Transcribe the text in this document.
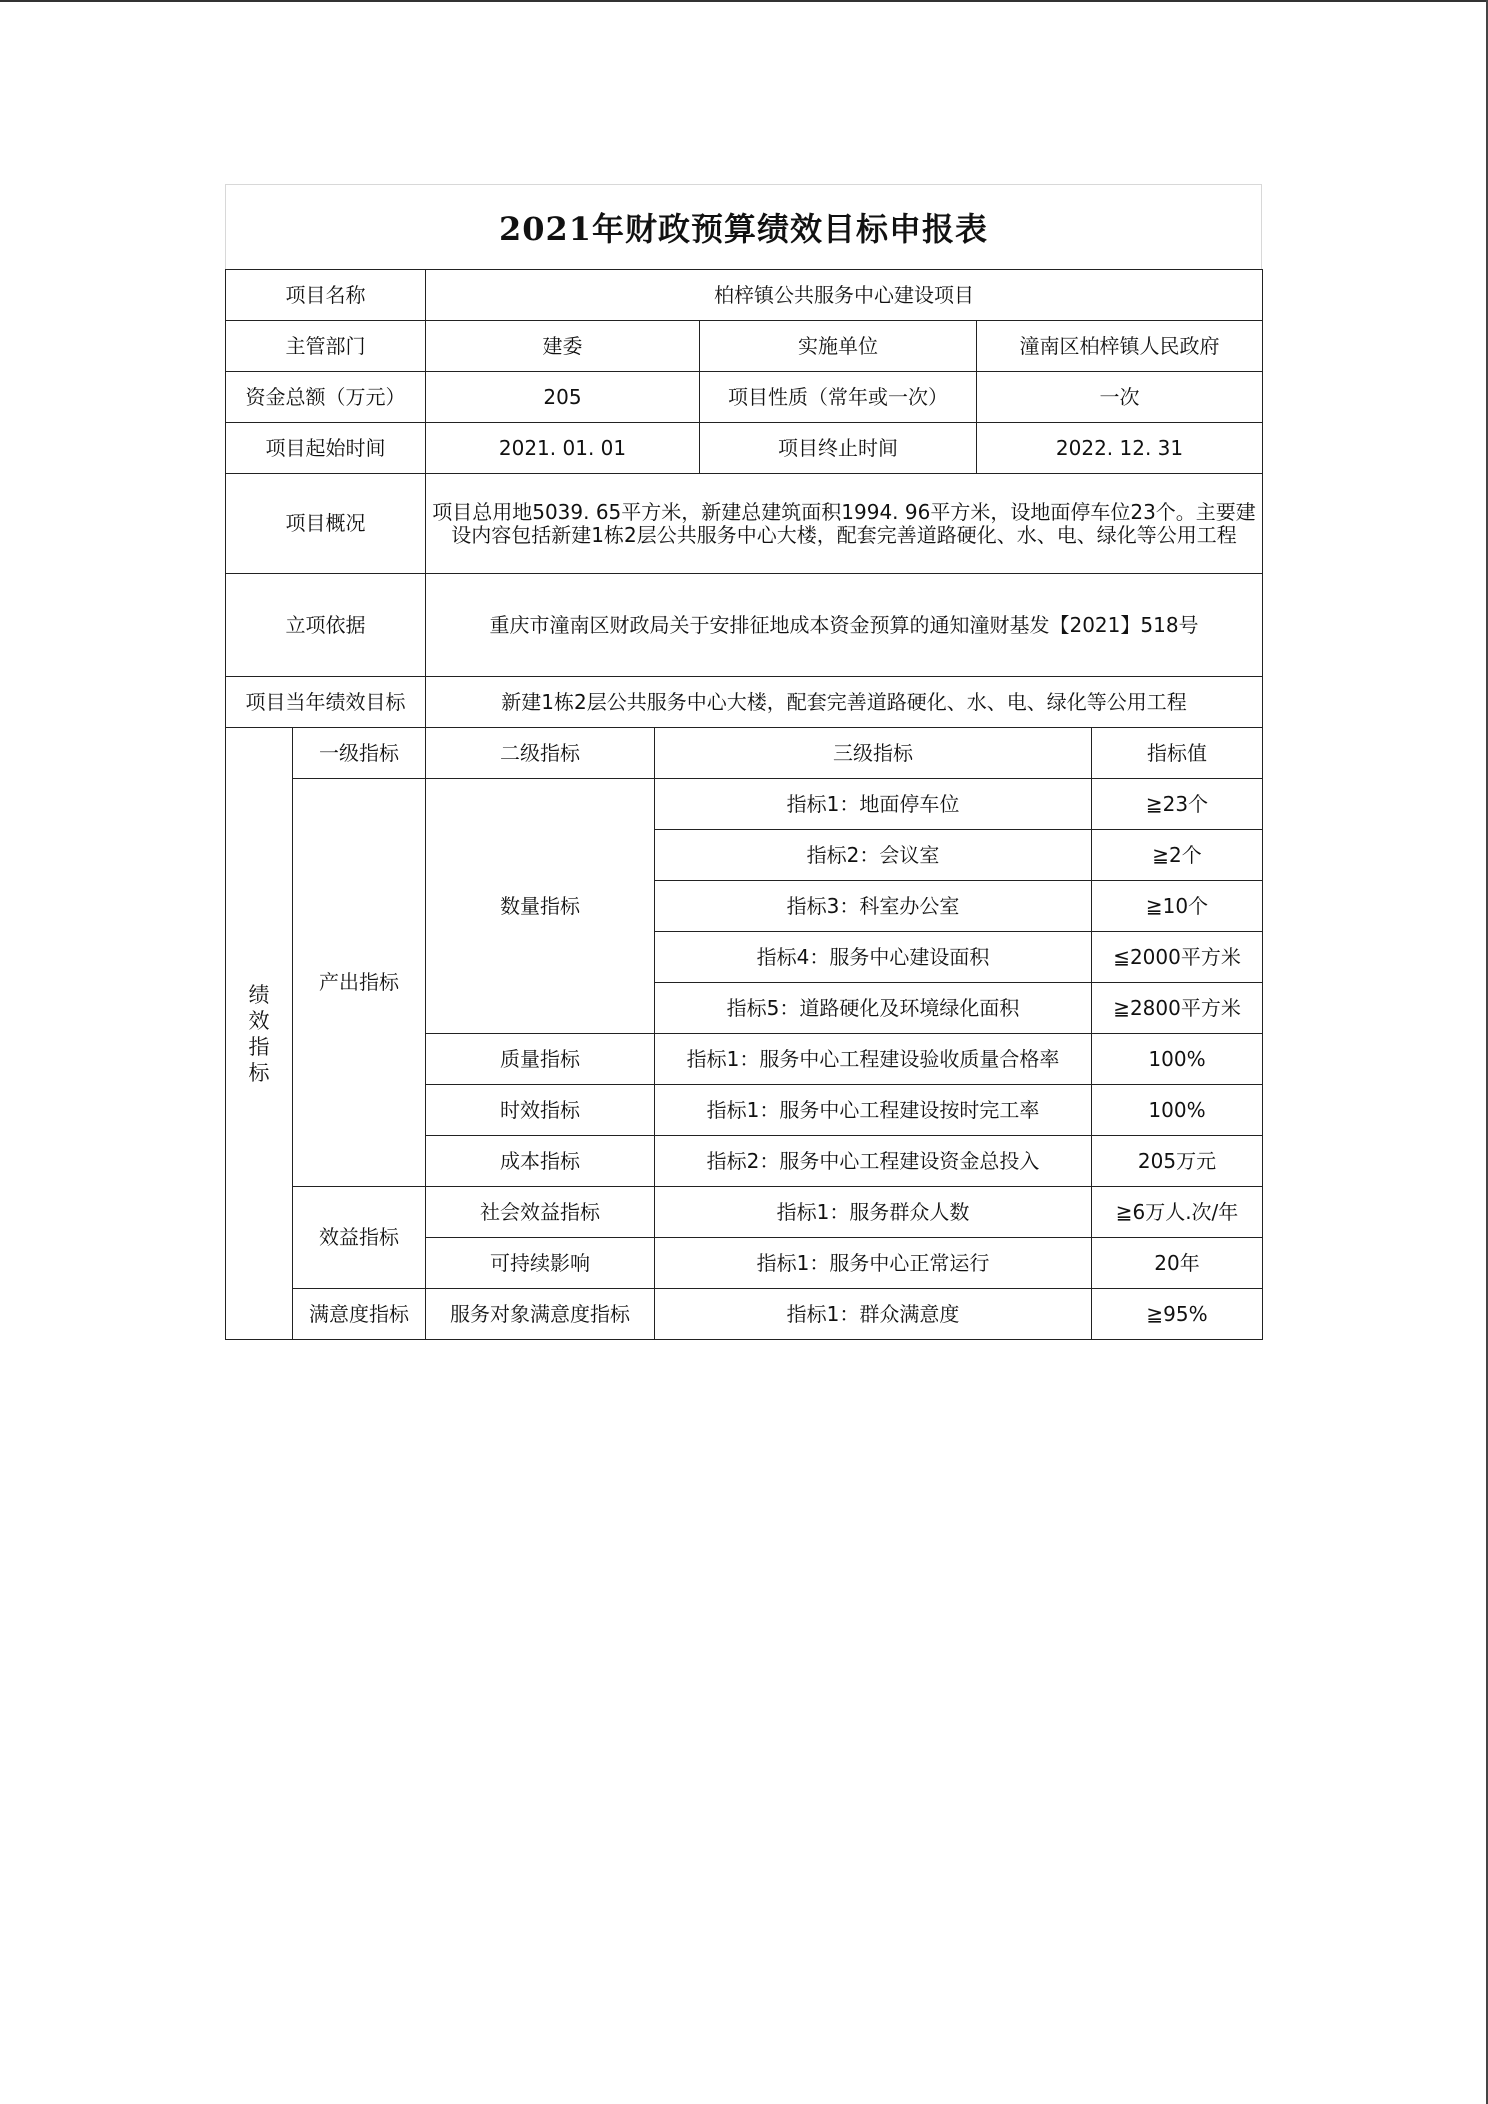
2021年财政预算绩效目标申报表
项目名称		柏梓镇公共服务中心建设项目				
主管部门		建委		实施单位	潼南区柏梓镇人民政府	
资金总额（万元）		205		项目性质（常年或一次）	一次	
项目起始时间		2021. 01. 01		项目终止时间	2022. 12. 31	
项目概况		项目总用地5039. 65平方米，新建总建筑面积1994. 96平方米，设地面停车位23个。主要建设内容包括新建1栋2层公共服务中心大楼，配套完善道路硬化、水、电、绿化等公用工程				
立项依据		重庆市潼南区财政局关于安排征地成本资金预算的通知潼财基发【2021】518号				
项目当年绩效目标		新建1栋2层公共服务中心大楼，配套完善道路硬化、水、电、绿化等公用工程				
绩效指标	一级指标	二级指标	三级指标			指标值
	产出指标	数量指标	指标1：地面停车位			≧23个
			指标2：会议室			≧2个
			指标3：科室办公室			≧10个
			指标4：服务中心建设面积			≦2000平方米
			指标5：道路硬化及环境绿化面积			≧2800平方米
		质量指标	指标1：服务中心工程建设验收质量合格率			100%
		时效指标	指标1：服务中心工程建设按时完工率			100%
		成本指标	指标2：服务中心工程建设资金总投入			205万元
	效益指标	社会效益指标	指标1：服务群众人数			≧6万人.次/年
		可持续影响	指标1：服务中心正常运行			20年
	满意度指标	服务对象满意度指标	指标1：群众满意度			≧95%
